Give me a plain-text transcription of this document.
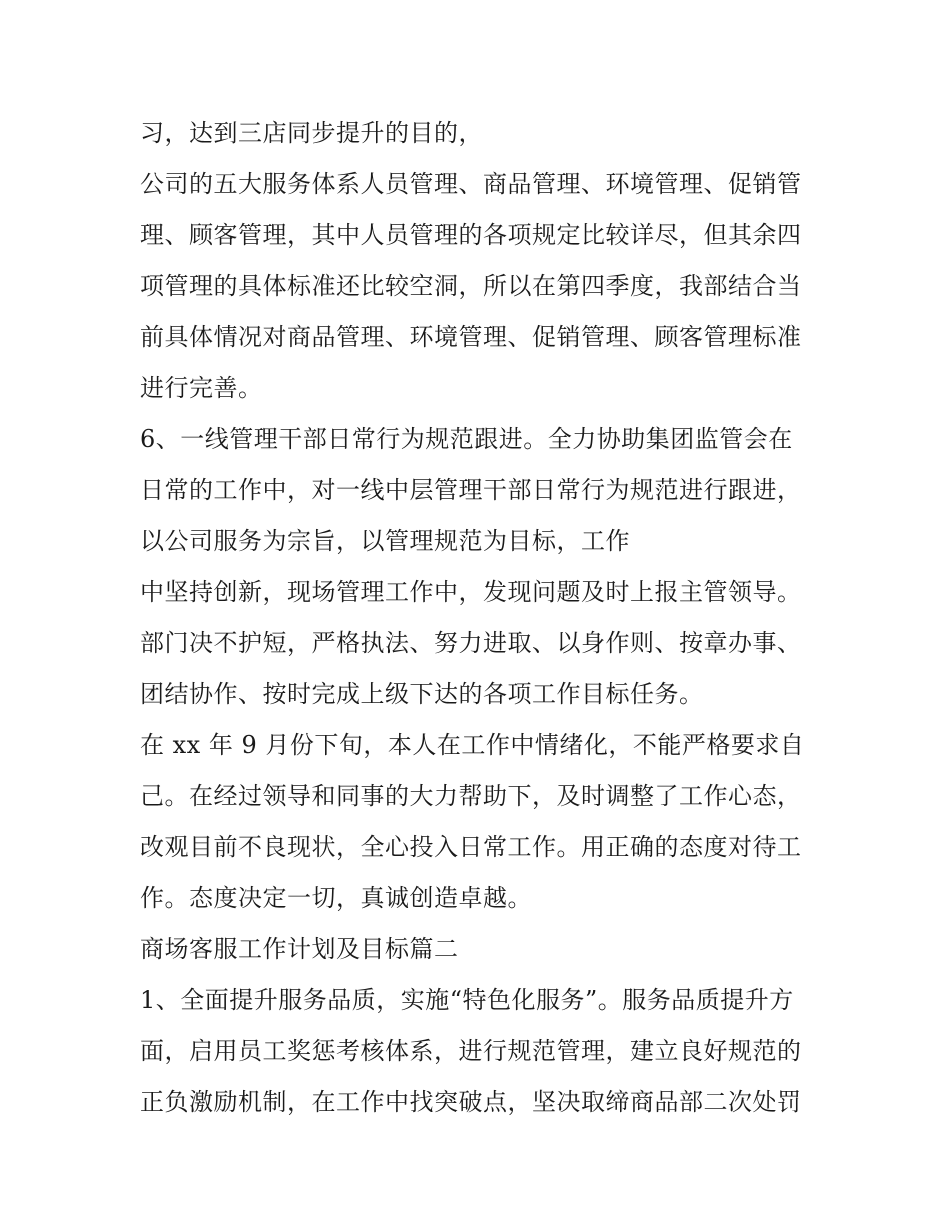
习，达到三店同步提升的目的，
公司的五大服务体系人员管理、商品管理、环境管理、促销管
理、顾客管理，其中人员管理的各项规定比较详尽，但其余四
项管理的具体标准还比较空洞，所以在第四季度，我部结合当
前具体情况对商品管理、环境管理、促销管理、顾客管理标准
进行完善。
6、一线管理干部日常行为规范跟进。全力协助集团监管会在
日常的工作中，对一线中层管理干部日常行为规范进行跟进，
以公司服务为宗旨，以管理规范为目标，工作
中坚持创新，现场管理工作中，发现问题及时上报主管领导。
部门决不护短，严格执法、努力进取、以身作则、按章办事、
团结协作、按时完成上级下达的各项工作目标任务。
在 xx 年 9 月份下旬，本人在工作中情绪化，不能严格要求自
己。在经过领导和同事的大力帮助下，及时调整了工作心态，
改观目前不良现状，全心投入日常工作。用正确的态度对待工
作。态度决定一切，真诚创造卓越。
商场客服工作计划及目标篇二
1、全面提升服务品质，实施“特色化服务”。服务品质提升方
面，启用员工奖惩考核体系，进行规范管理，建立良好规范的
正负激励机制，在工作中找突破点，坚决取缔商品部二次处罚
